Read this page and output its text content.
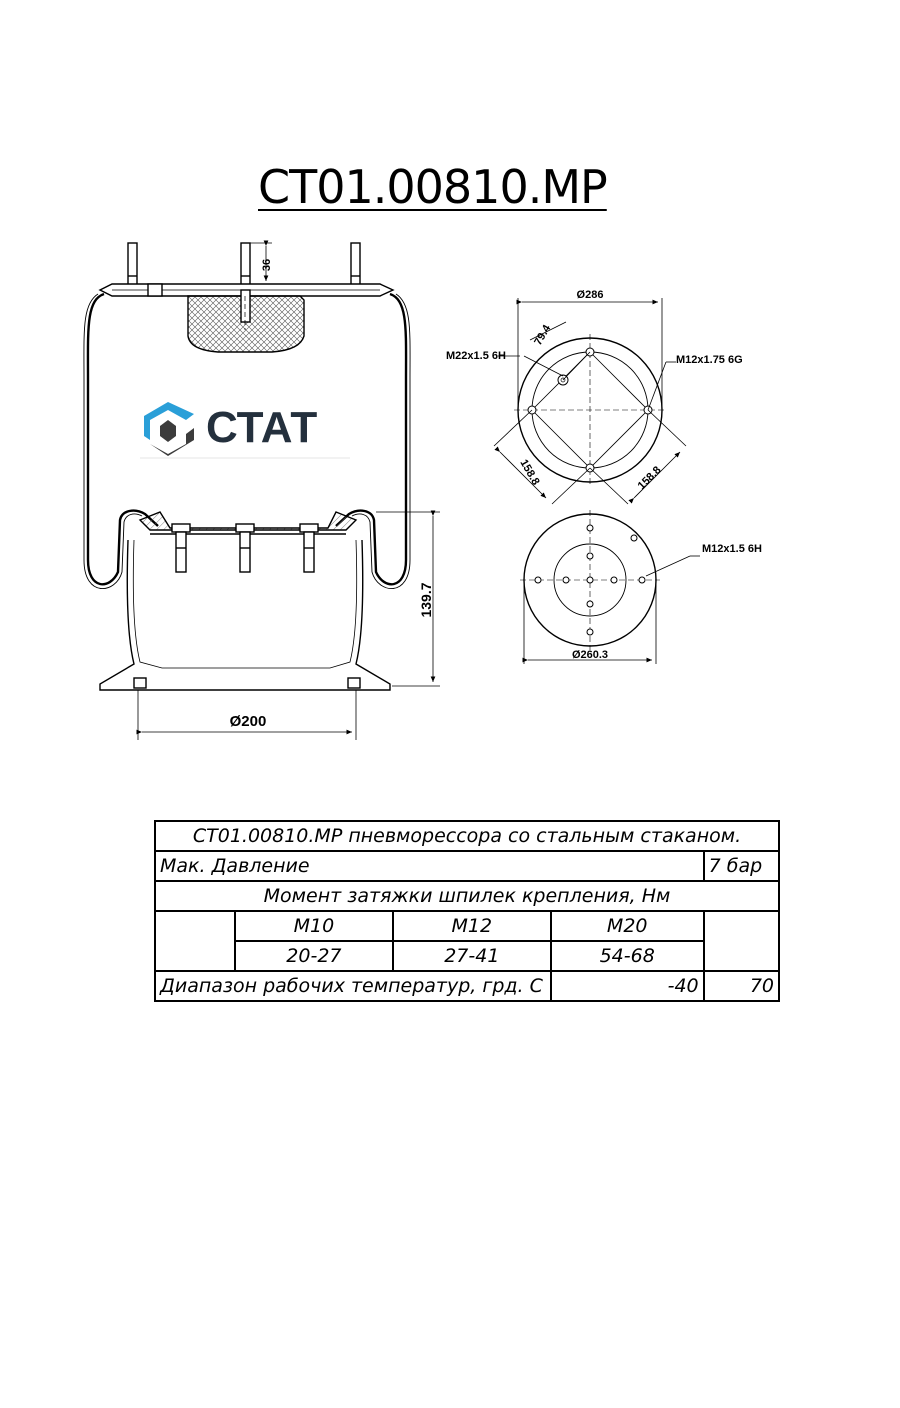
CT01.00810.MP
36
139.7
Ø200
СТАТ
Ø286
79.4
M22x1.5 6H	M12x1.75 6G
158.8	158.8
Ø260.3
M12x1.5 6H
CT01.00810.MP пневморессора со стальным стаканом.				
Мак. Давление				7 бар
Момент затяжки шпилек крепления, Нм				
	M10	M12	M20	
	20-27	27-41	54-68	
Диапазон рабочих температур, грд. С			-40	70
